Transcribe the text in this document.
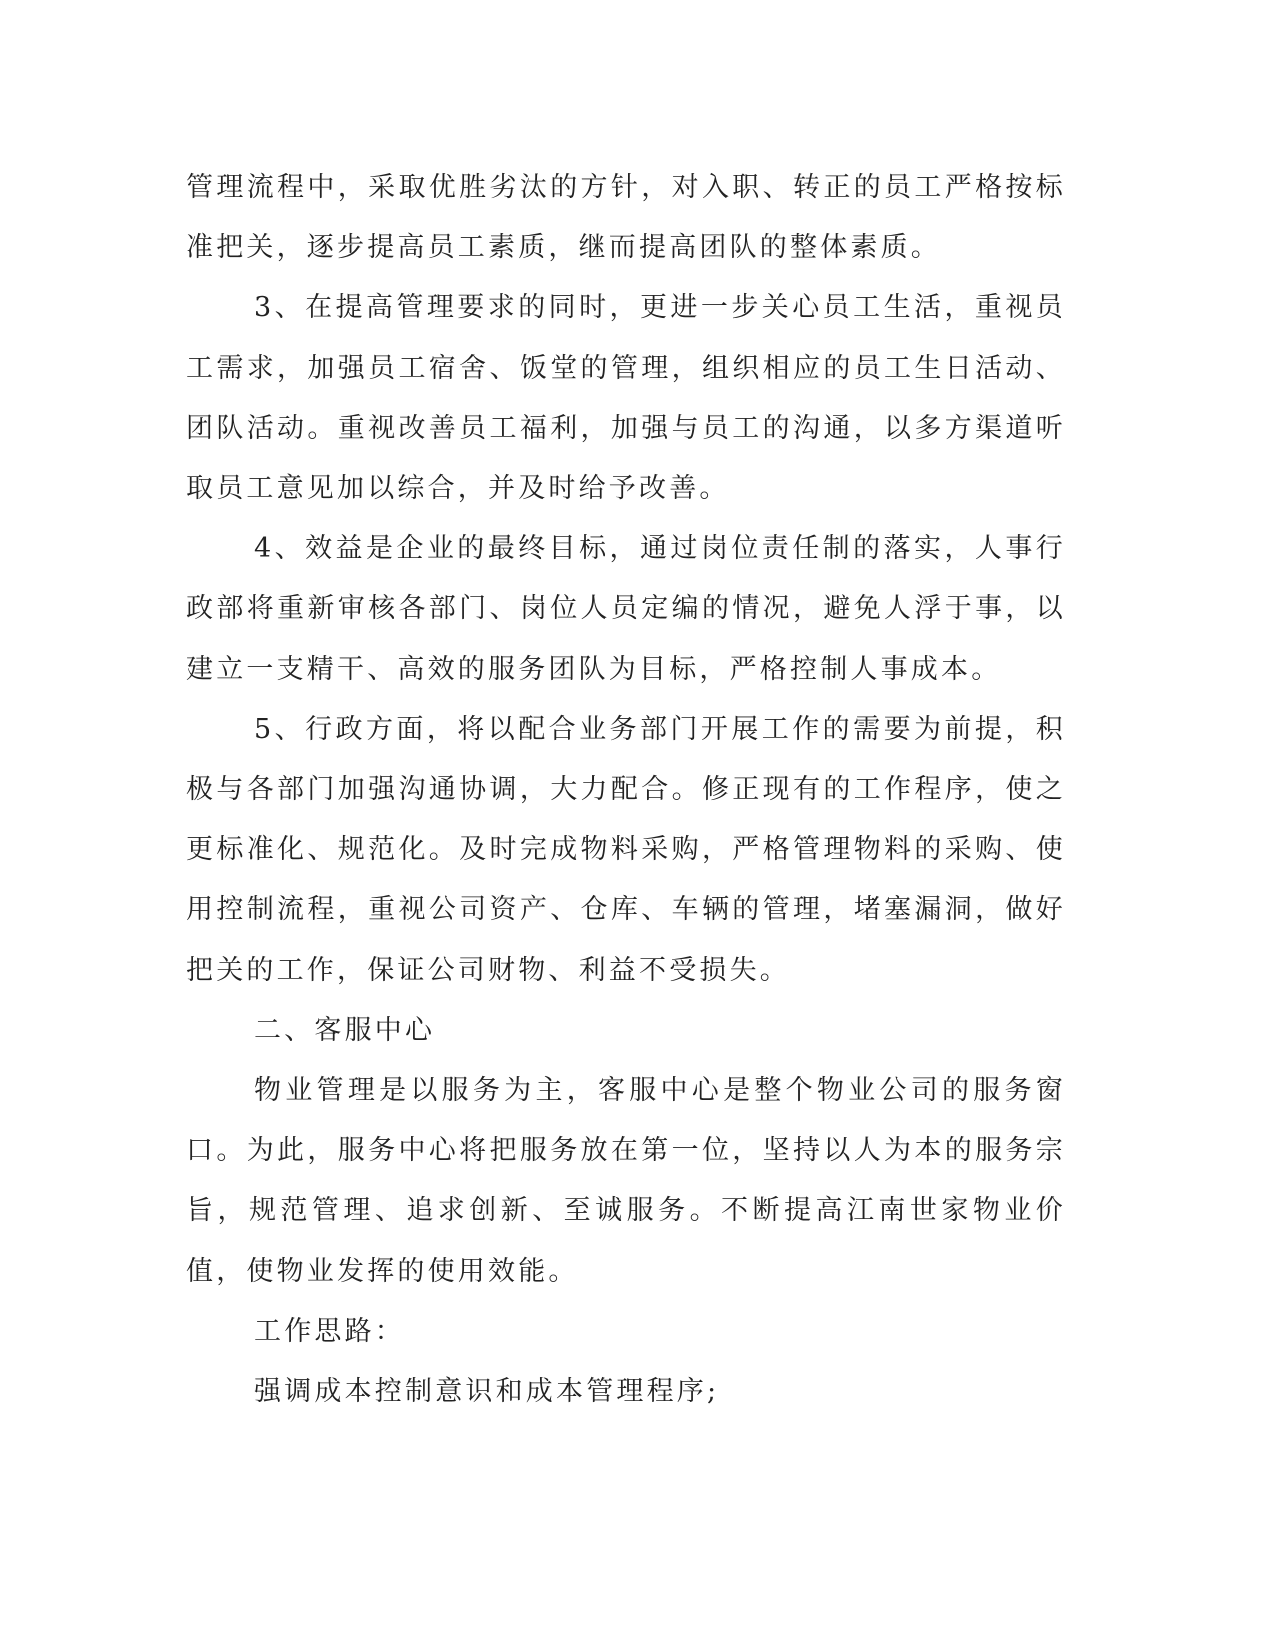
管理流程中，采取优胜劣汰的方针，对入职、转正的员工严格按标准把关，逐步提高员工素质，继而提高团队的整体素质。

3、在提高管理要求的同时，更进一步关心员工生活，重视员工需求，加强员工宿舍、饭堂的管理，组织相应的员工生日活动、团队活动。重视改善员工福利，加强与员工的沟通，以多方渠道听取员工意见加以综合，并及时给予改善。

4、效益是企业的最终目标，通过岗位责任制的落实，人事行政部将重新审核各部门、岗位人员定编的情况，避免人浮于事，以建立一支精干、高效的服务团队为目标，严格控制人事成本。

5、行政方面，将以配合业务部门开展工作的需要为前提，积极与各部门加强沟通协调，大力配合。修正现有的工作程序，使之更标准化、规范化。及时完成物料采购，严格管理物料的采购、使用控制流程，重视公司资产、仓库、车辆的管理，堵塞漏洞，做好把关的工作，保证公司财物、利益不受损失。

二、客服中心

物业管理是以服务为主，客服中心是整个物业公司的服务窗口。为此，服务中心将把服务放在第一位，坚持以人为本的服务宗旨，规范管理、追求创新、至诚服务。不断提高江南世家物业价值，使物业发挥的使用效能。

工作思路：

强调成本控制意识和成本管理程序;
